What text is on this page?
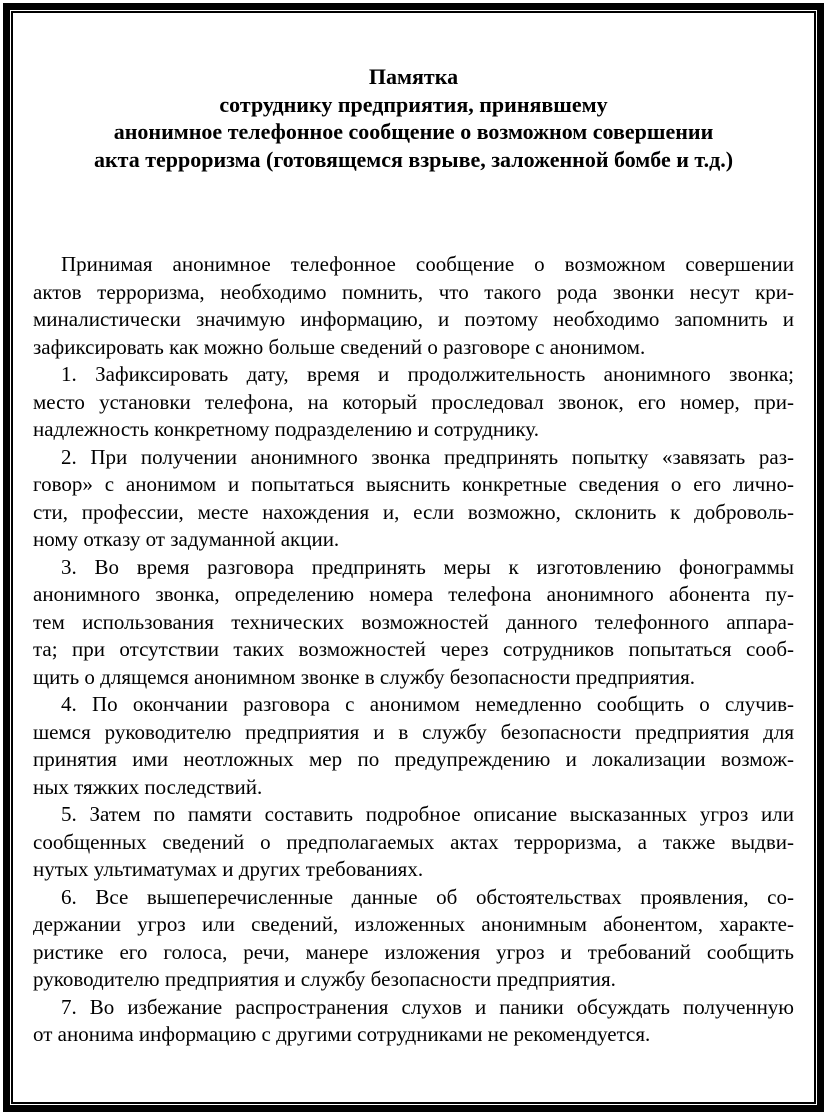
Памятка
сотруднику предприятия, принявшему
анонимное телефонное сообщение о возможном совершении
акта терроризма (готовящемся взрыве, заложенной бомбе и т.д.)
Принимая анонимное телефонное сообщение о возможном совершении
актов терроризма, необходимо помнить, что такого рода звонки несут кри-
миналистически значимую информацию, и поэтому необходимо запомнить и
зафиксировать как можно больше сведений о разговоре с анонимом.
1. Зафиксировать дату, время и продолжительность анонимного звонка;
место установки телефона, на который проследовал звонок, его номер, при-
надлежность конкретному подразделению и сотруднику.
2. При получении анонимного звонка предпринять попытку «завязать раз-
говор» с анонимом и попытаться выяснить конкретные сведения о его лично-
сти, профессии, месте нахождения и, если возможно, склонить к доброволь-
ному отказу от задуманной акции.
3. Во время разговора предпринять меры к изготовлению фонограммы
анонимного звонка, определению номера телефона анонимного абонента пу-
тем использования технических возможностей данного телефонного аппара-
та; при отсутствии таких возможностей через сотрудников попытаться сооб-
щить о длящемся анонимном звонке в службу безопасности предприятия.
4. По окончании разговора с анонимом немедленно сообщить о случив-
шемся руководителю предприятия и в службу безопасности предприятия для
принятия ими неотложных мер по предупреждению и локализации возмож-
ных тяжких последствий.
5. Затем по памяти составить подробное описание высказанных угроз или
сообщенных сведений о предполагаемых актах терроризма, а также выдви-
нутых ультиматумах и других требованиях.
6. Все вышеперечисленные данные об обстоятельствах проявления, со-
держании угроз или сведений, изложенных анонимным абонентом, характе-
ристике его голоса, речи, манере изложения угроз и требований сообщить
руководителю предприятия и службу безопасности предприятия.
7. Во избежание распространения слухов и паники обсуждать полученную
от анонима информацию с другими сотрудниками не рекомендуется.
